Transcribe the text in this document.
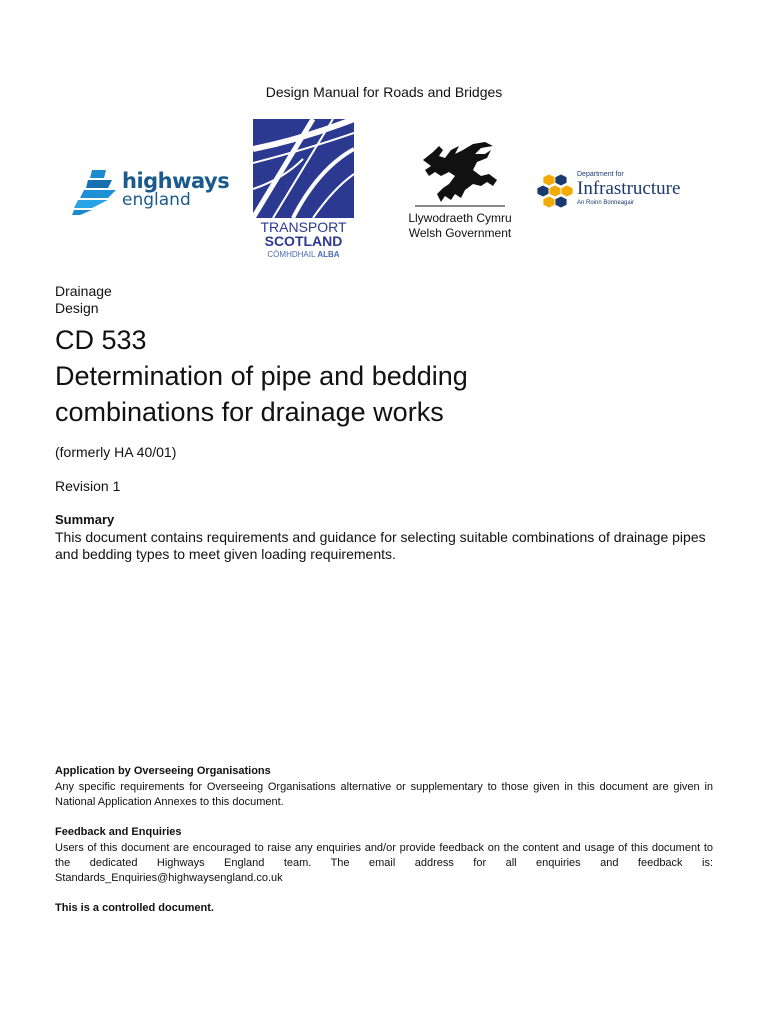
Design Manual for Roads and Bridges
highways
england
TRANSPORT
SCOTLAND
CÒMHDHAIL ALBA
Llywodraeth Cymru
Welsh Government
Department for
Infrastructure
An Roinn Bonneagair
Drainage
Design
CD 533
Determination of pipe and bedding
combinations for drainage works
(formerly HA 40/01)
Revision 1
Summary
This document contains requirements and guidance for selecting suitable combinations of drainage pipes and bedding types to meet given loading requirements.
Application by Overseeing Organisations
Any specific requirements for Overseeing Organisations alternative or supplementary to those given in this document are given in National Application Annexes to this document.
Feedback and Enquiries
Users of this document are encouraged to raise any enquiries and/or provide feedback on the content and usage of this document to the dedicated Highways England team. The email address for all enquiries and feedback is: Standards_Enquiries@highwaysengland.co.uk
This is a controlled document.
